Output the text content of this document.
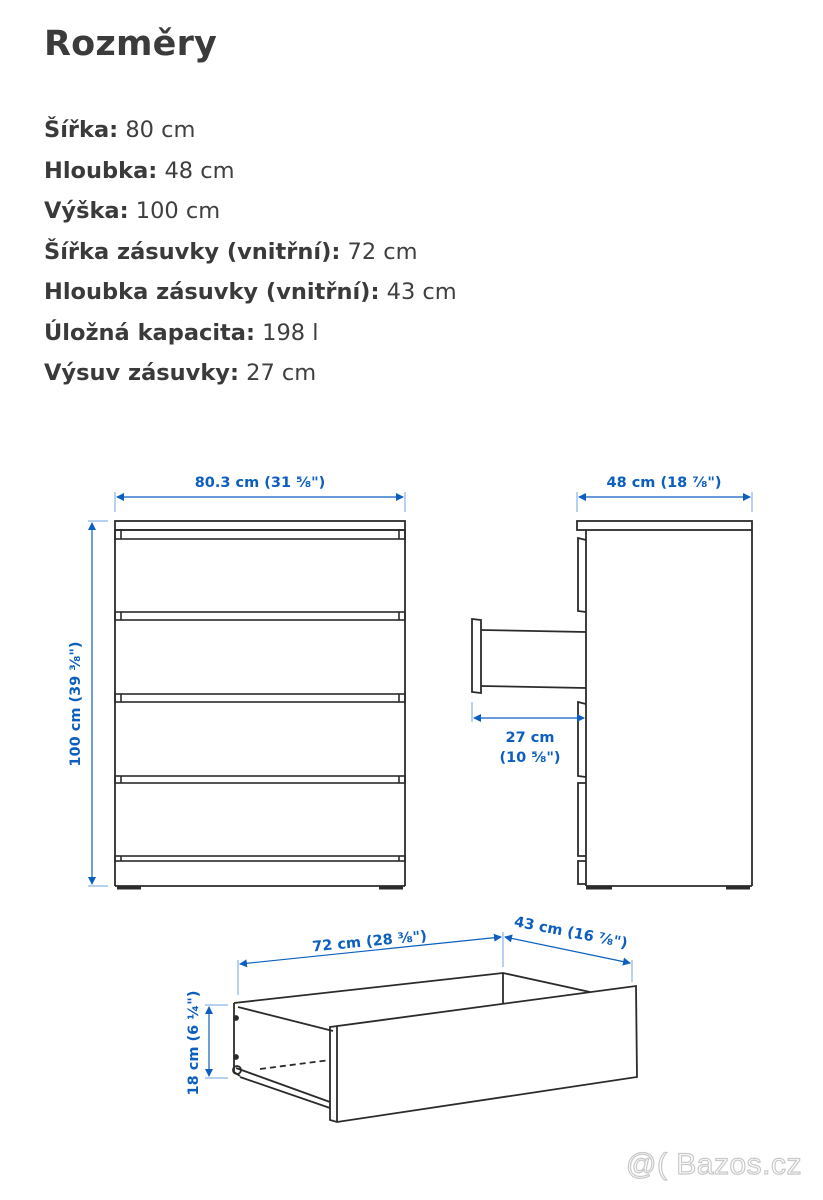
Rozměry
Šířka: 80 cm
Hloubka: 48 cm
Výška: 100 cm
Šířka zásuvky (vnitřní): 72 cm
Hloubka zásuvky (vnitřní): 43 cm
Úložná kapacita: 198 l
Výsuv zásuvky: 27 cm
80.3 cm (31 ⅝")
100 cm (39 ⅜")
48 cm (18 ⅞")
27 cm
(10 ⅝")
72 cm (28 ⅜")	43 cm (16 ⅞")
18 cm (6 ¼")
@( Bazos.cz
